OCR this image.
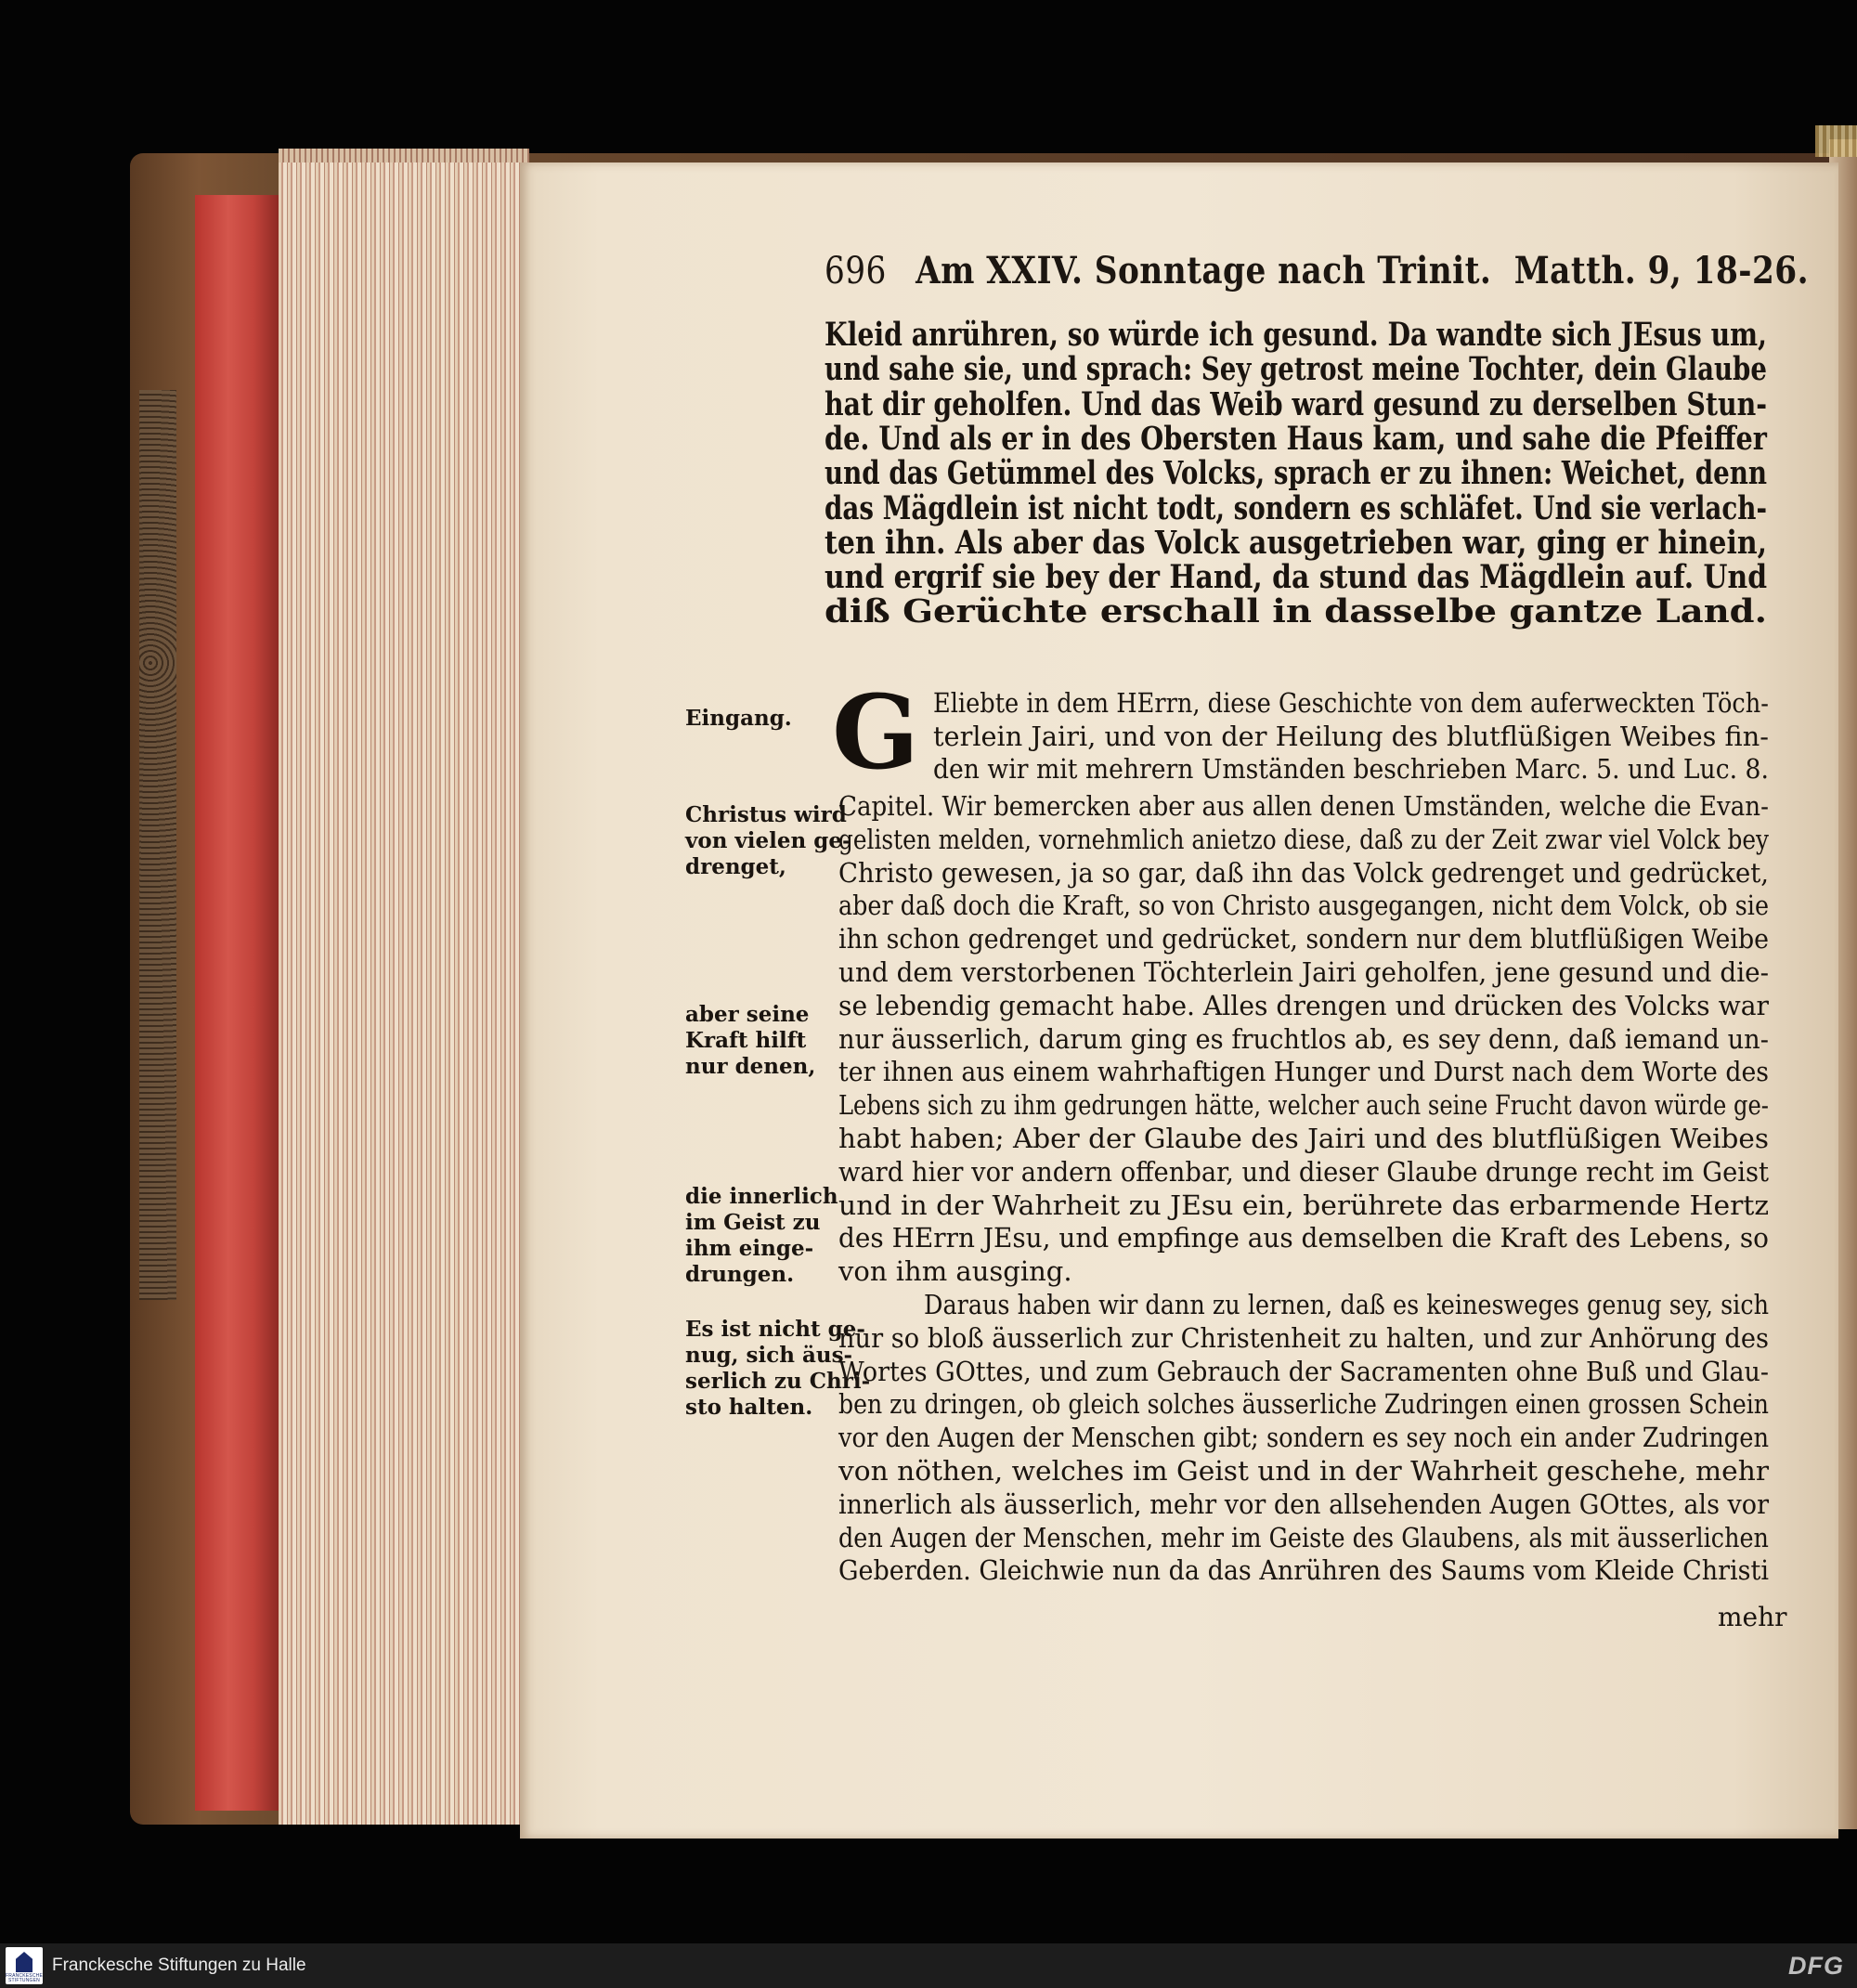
696 Am XXIV. Sonntage nach Trinit. Matth. 9, 18-26.
Kleid anrühren, so würde ich gesund. Da wandte sich JEsus um,
und sahe sie, und sprach: Sey getrost meine Tochter, dein Glaube
hat dir geholfen. Und das Weib ward gesund zu derselben Stun-
de. Und als er in des Obersten Haus kam, und sahe die Pfeiffer
und das Getümmel des Volcks, sprach er zu ihnen: Weichet, denn
das Mägdlein ist nicht todt, sondern es schläfet. Und sie verlach-
ten ihn. Als aber das Volck ausgetrieben war, ging er hinein,
und ergrif sie bey der Hand, da stund das Mägdlein auf. Und
diß Gerüchte erschall in dasselbe gantze Land.
G Eliebte in dem HErrn, diese Geschichte von dem auferweckten Töch-
terlein Jairi, und von der Heilung des blutflüßigen Weibes fin-
den wir mit mehrern Umständen beschrieben Marc. 5. und Luc. 8.
Capitel. Wir bemercken aber aus allen denen Umständen, welche die Evan-
gelisten melden, vornehmlich anietzo diese, daß zu der Zeit zwar viel Volck bey
Christo gewesen, ja so gar, daß ihn das Volck gedrenget und gedrücket,
aber daß doch die Kraft, so von Christo ausgegangen, nicht dem Volck, ob sie
ihn schon gedrenget und gedrücket, sondern nur dem blutflüßigen Weibe
und dem verstorbenen Töchterlein Jairi geholfen, jene gesund und die-
se lebendig gemacht habe. Alles drengen und drücken des Volcks war
nur äusserlich, darum ging es fruchtlos ab, es sey denn, daß iemand un-
ter ihnen aus einem wahrhaftigen Hunger und Durst nach dem Worte des
Lebens sich zu ihm gedrungen hätte, welcher auch seine Frucht davon würde ge-
habt haben; Aber der Glaube des Jairi und des blutflüßigen Weibes
ward hier vor andern offenbar, und dieser Glaube drunge recht im Geist
und in der Wahrheit zu JEsu ein, berührete das erbarmende Hertz
des HErrn JEsu, und empfinge aus demselben die Kraft des Lebens, so
von ihm ausging.
Daraus haben wir dann zu lernen, daß es keinesweges genug sey, sich
nur so bloß äusserlich zur Christenheit zu halten, und zur Anhörung des
Wortes GOttes, und zum Gebrauch der Sacramenten ohne Buß und Glau-
ben zu dringen, ob gleich solches äusserliche Zudringen einen grossen Schein
vor den Augen der Menschen gibt; sondern es sey noch ein ander Zudringen
von nöthen, welches im Geist und in der Wahrheit geschehe, mehr
innerlich als äusserlich, mehr vor den allsehenden Augen GOttes, als vor
den Augen der Menschen, mehr im Geiste des Glaubens, als mit äusserlichen
Geberden. Gleichwie nun da das Anrühren des Saums vom Kleide Christi
Eingang.
Christus wird
von vielen ge-
drenget,
aber seine
Kraft hilft
nur denen,
die innerlich
im Geist zu
ihm einge-
drungen.
Es ist nicht ge-
nug, sich äus-
serlich zu Chri-
sto halten.
mehr
FRANCKESCHE STIFTUNGEN
Franckesche Stiftungen zu Halle	DFG
